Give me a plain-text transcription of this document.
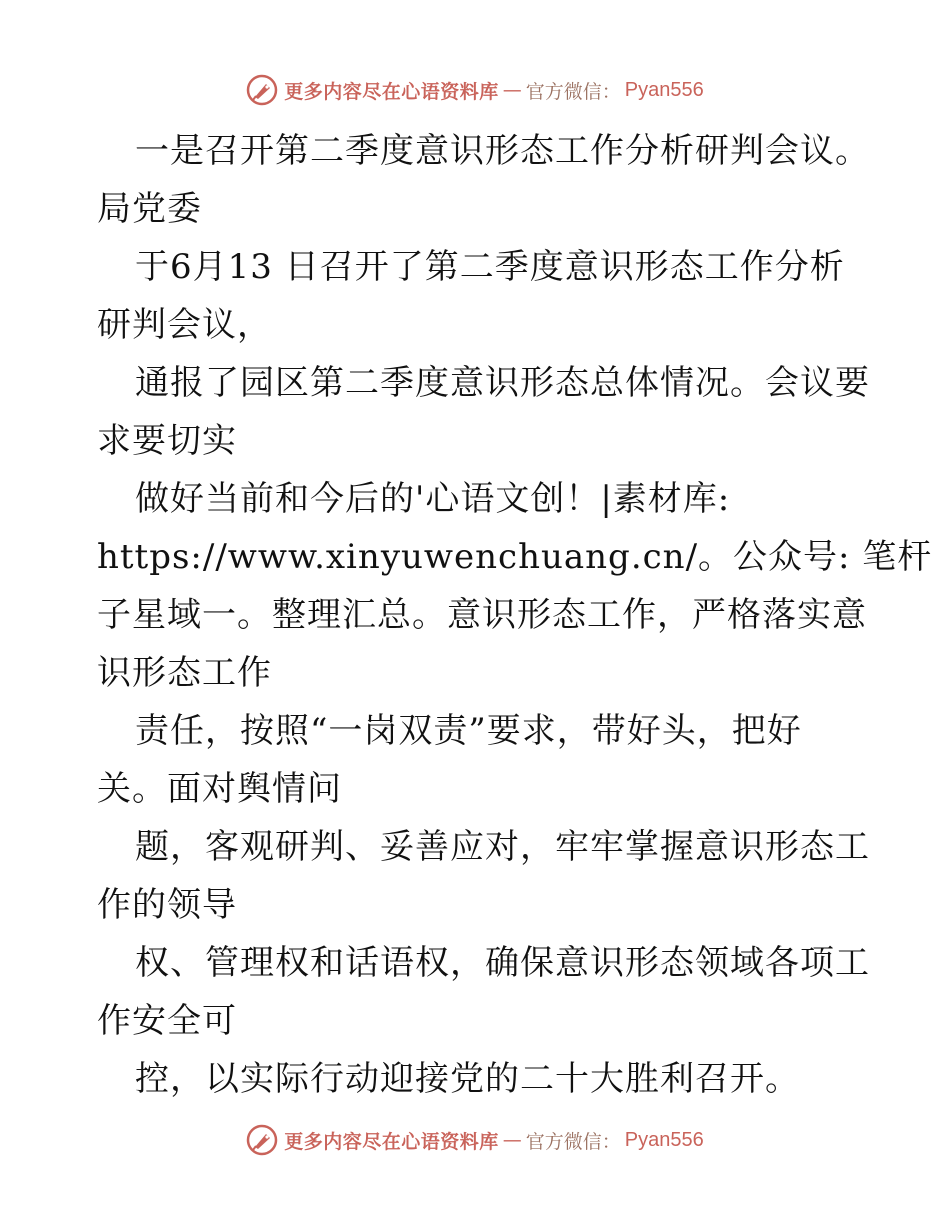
更多内容尽在心语资料库 — 官方微信： Pyan556
一是召开第二季度意识形态工作分析研判会议。
局党委
于6月13 日召开了第二季度意识形态工作分析
研判会议，
通报了园区第二季度意识形态总体情况。会议要
求要切实
做好当前和今后的'心语文创！|素材库:
https://www.xinyuwenchuang.cn/。公众号: 笔杆
子星域一。整理汇总。意识形态工作，严格落实意
识形态工作
责任，按照“一岗双责”要求，带好头，把好
关。面对舆情问
题，客观研判、妥善应对，牢牢掌握意识形态工
作的领导
权、管理权和话语权，确保意识形态领域各项工
作安全可
控，以实际行动迎接党的二十大胜利召开。
更多内容尽在心语资料库 — 官方微信： Pyan556
